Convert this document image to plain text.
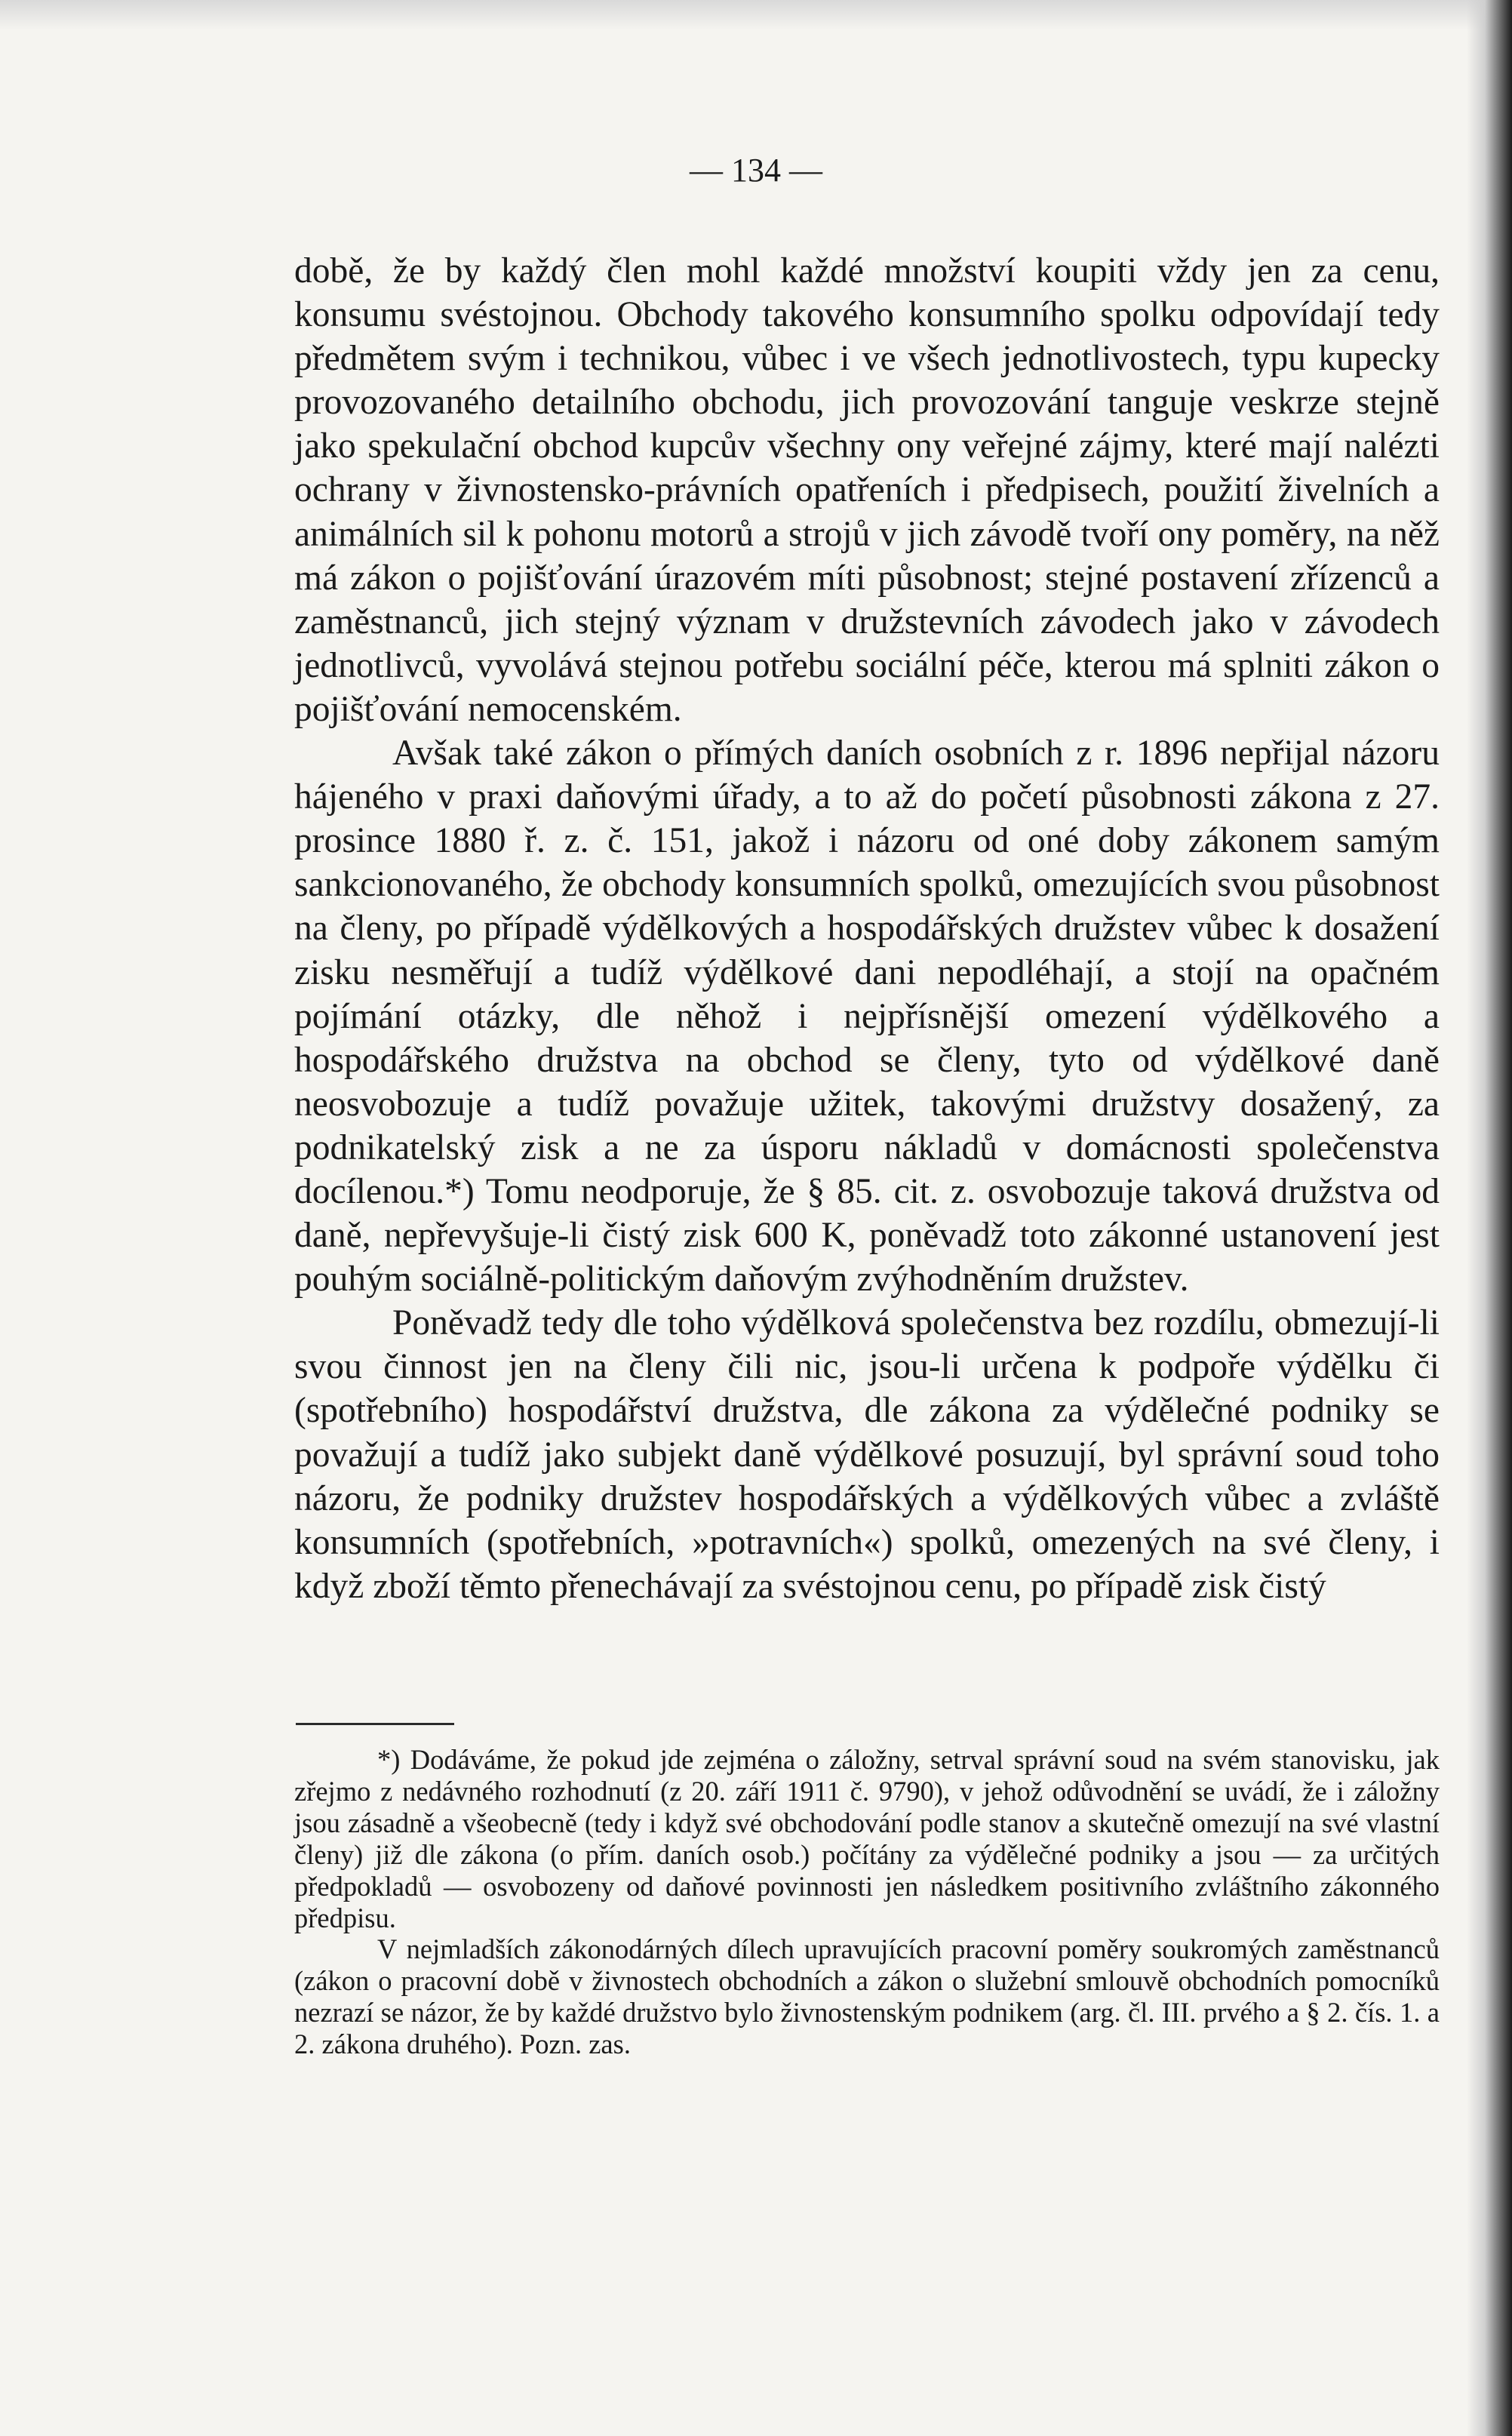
— 134 —

době, že by každý člen mohl každé množství koupiti vždy jen za cenu, konsumu svéstojnou. Obchody takového konsumního spolku odpovídají tedy předmětem svým i technikou, vůbec i ve všech jednotlivostech, typu kupecky provozovaného detailního obchodu, jich provozování tanguje veskrze stejně jako spekulační obchod kupcův všechny ony veřejné zájmy, které mají nalézti ochrany v živnostensko-právních opatřeních i předpisech, použití živelních a animálních sil k pohonu motorů a strojů v jich závodě tvoří ony poměry, na něž má zákon o pojišťování úrazovém míti působnost; stejné postavení zřízenců a zaměstnanců, jich stejný význam v družstevních závodech jako v závodech jednotlivců, vyvolává stejnou potřebu sociální péče, kterou má splniti zákon o pojišťování nemocenském.

Avšak také zákon o přímých daních osobních z r. 1896 nepřijal názoru hájeného v praxi daňovými úřady, a to až do početí působnosti zákona z 27. prosince 1880 ř. z. č. 151, jakož i názoru od oné doby zákonem samým sankcionovaného, že obchody konsumních spolků, omezujících svou působnost na členy, po případě výdělkových a hospodářských družstev vůbec k dosažení zisku nesměřují a tudíž výdělkové dani nepodléhají, a stojí na opačném pojímání otázky, dle něhož i nejpřísnější omezení výdělkového a hospodářského družstva na obchod se členy, tyto od výdělkové daně neosvobozuje a tudíž považuje užitek, takovými družstvy dosažený, za podnikatelský zisk a ne za úsporu nákladů v domácnosti společenstva docílenou.*) Tomu neodporuje, že § 85. cit. z. osvobozuje taková družstva od daně, nepřevyšuje-li čistý zisk 600 K, poněvadž toto zákonné ustanovení jest pouhým sociálně-politickým daňovým zvýhodněním družstev.

Poněvadž tedy dle toho výdělková společenstva bez rozdílu, obmezují-li svou činnost jen na členy čili nic, jsou-li určena k podpoře výdělku či (spotřebního) hospodářství družstva, dle zákona za výdělečné podniky se považují a tudíž jako subjekt daně výdělkové posuzují, byl správní soud toho názoru, že podniky družstev hospodářských a výdělkových vůbec a zvláště konsumních (spotřebních, »potravních«) spolků, omezených na své členy, i když zboží těmto přenechávají za svéstojnou cenu, po případě zisk čistý

*) Dodáváme, že pokud jde zejména o záložny, setrval správní soud na svém stanovisku, jak zřejmo z nedávného rozhodnutí (z 20. září 1911 č. 9790), v jehož odůvodnění se uvádí, že i záložny jsou zásadně a všeobecně (tedy i když své obchodování podle stanov a skutečně omezují na své vlastní členy) již dle zákona (o přím. daních osob.) počítány za výdělečné podniky a jsou — za určitých předpokladů — osvobozeny od daňové povinnosti jen následkem positivního zvláštního zákonného předpisu.

V nejmladších zákonodárných dílech upravujících pracovní poměry soukromých zaměstnanců (zákon o pracovní době v živnostech obchodních a zákon o služební smlouvě obchodních pomocníků nezrazí se názor, že by každé družstvo bylo živnostenským podnikem (arg. čl. III. prvého a § 2. čís. 1. a 2. zákona druhého). Pozn. zas.
